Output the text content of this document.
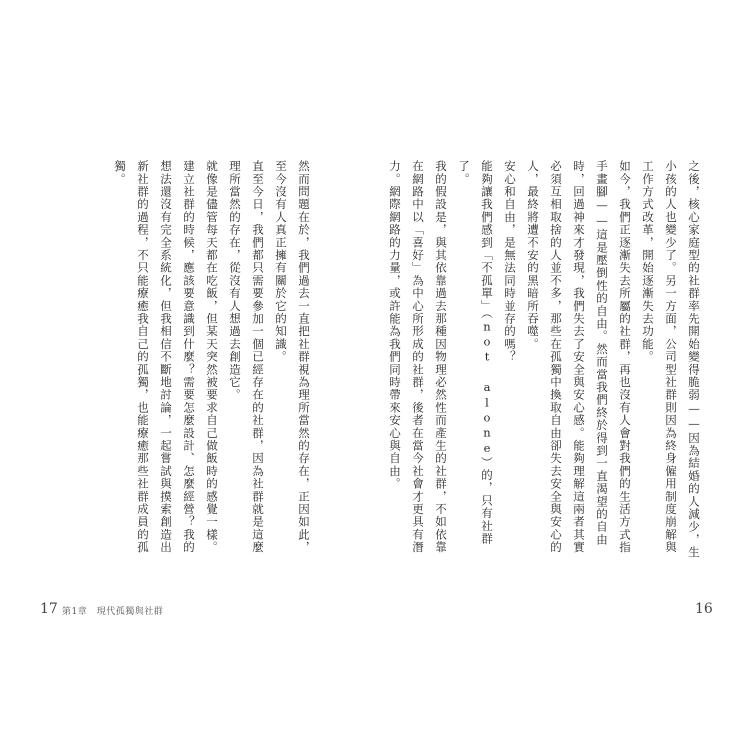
然而問題在於，我們過去一直把社群視為理所當然的存在，正因如此，至今沒有人真正擁有關於它的知識。

直至今日，我們都只需要參加一個已經存在的社群，因為社群就是這麼理所當然的存在，從沒有人想過去創造它。

就像是儘管每天都在吃飯，但某天突然被要求自己做飯時的感覺一樣。建立社群的時候，應該要意識到什麼？需要怎麼設計、怎麼經營？我的想法還沒有完全系統化，但我相信不斷地討論，一起嘗試與摸索創造出新社群的過程，不只能療癒我自己的孤獨，也能療癒那些社群成員的孤獨。

17 第1章　現代孤獨與社群

之後，核心家庭型的社群率先開始變得脆弱——因為結婚的人減少，生小孩的人也變少了。另一方面，公司型社群則因為終身僱用制度崩解與工作方式改革，開始逐漸失去功能。

如今，我們正逐漸失去所屬的社群，再也沒有人會對我們的生活方式指手畫腳——這是壓倒性的自由。然而當我們終於得到一直渴望的自由時，回過神來才發現，我們失去了安全與安心感。能夠理解這兩者其實必須互相取捨的人並不多，那些在孤獨中換取自由卻失去安全與安心的人，最終將遭不安的黑暗所吞噬。

安心和自由，是無法同時並存的嗎？

能夠讓我們感到「不孤單」（not alone）的，只有社群了。

我的假設是，與其依靠過去那種因物理必然性而產生的社群，不如依靠在網路中以「喜好」為中心所形成的社群，後者在當今社會才更具有潛力。網際網路的力量，或許能為我們同時帶來安心與自由。

16
